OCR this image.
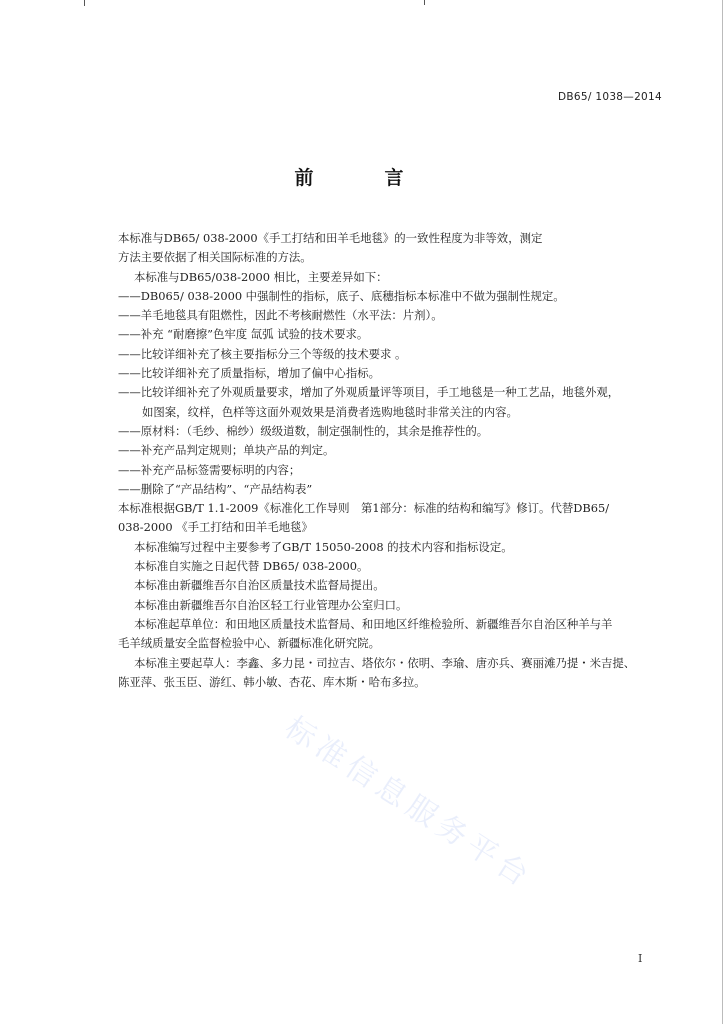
DB65/ 1038—2014
前　言
本标准与DB65/ 038-2000《手工打结和田羊毛地毯》的一致性程度为非等效，测定
方法主要依据了相关国际标准的方法。
本标准与DB65/038-2000 相比，主要差异如下：
——DB065/ 038-2000 中强制性的指标，底子、底穗指标本标准中不做为强制性规定。
——羊毛地毯具有阻燃性，因此不考核耐燃性（水平法：片剂）。
——补充 “耐磨擦”色牢度 氙弧 试验的技术要求。
——比较详细补充了核主要指标分三个等级的技术要求 。
——比较详细补充了质量指标，增加了偏中心指标。
——比较详细补充了外观质量要求，增加了外观质量评等项目，手工地毯是一种工艺品，地毯外观，
如图案，纹样，色样等这面外观效果是消费者选购地毯时非常关注的内容。
——原材料：（毛纱、棉纱）级级道数，制定强制性的，其余是推荐性的。
——补充产品判定规则；单块产品的判定。
——补充产品标签需要标明的内容；
——删除了“产品结构”、“产品结构表”
本标准根据GB/T 1.1-2009《标准化工作导则　第1部分：标准的结构和编写》修订。代替DB65/
038-2000 《手工打结和田羊毛地毯》
本标准编写过程中主要参考了GB/T 15050-2008 的技术内容和指标设定。
本标准自实施之日起代替 DB65/ 038-2000。
本标准由新疆维吾尔自治区质量技术监督局提出。
本标准由新疆维吾尔自治区轻工行业管理办公室归口。
本标准起草单位：和田地区质量技术监督局、和田地区纤维检验所、新疆维吾尔自治区种羊与羊
毛羊绒质量安全监督检验中心、新疆标准化研究院。
本标准主要起草人：李鑫、多力昆・司拉吉、塔依尔・依明、李瑜、唐亦兵、赛丽滩乃提・米吉提、
陈亚萍、张玉臣、游红、韩小敏、杏花、库木斯・哈布多拉。
标准信息服务平台
I
